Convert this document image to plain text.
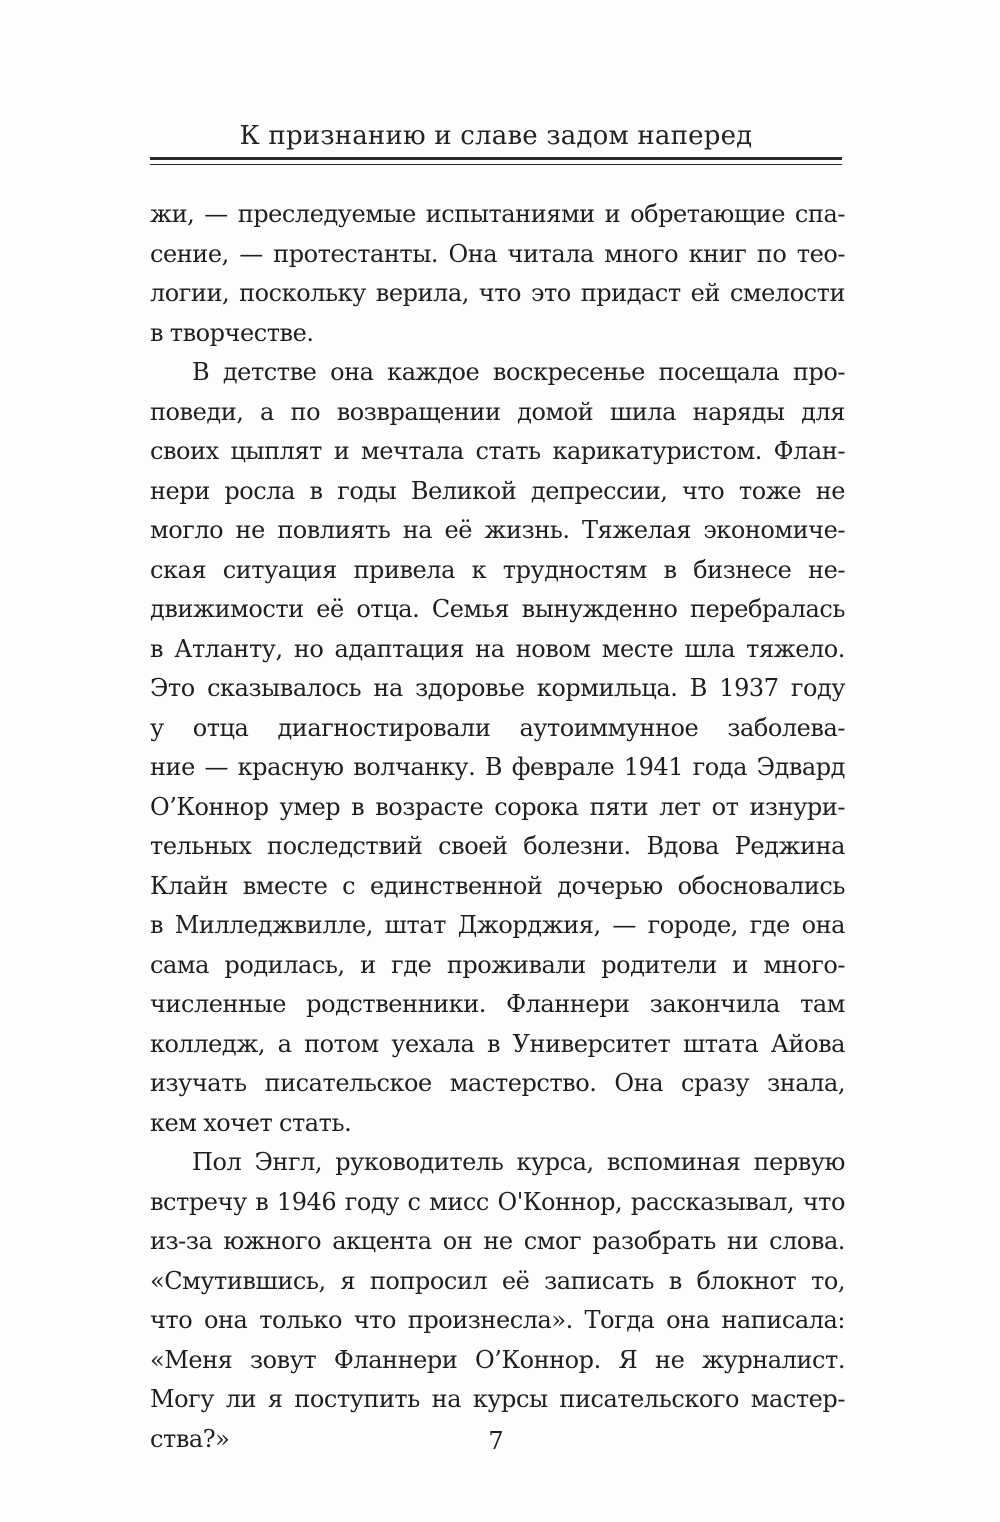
К признанию и славе задом наперед
жи, — преследуемые испытаниями и обретающие спа-
сение, — протестанты. Она читала много книг по тео-
логии, поскольку верила, что это придаст ей смелости
в творчестве.
В детстве она каждое воскресенье посещала про-
поведи, а по возвращении домой шила наряды для
своих цыплят и мечтала стать карикатуристом. Флан-
нери росла в годы Великой депрессии, что тоже не
могло не повлиять на её жизнь. Тяжелая экономиче-
ская ситуация привела к трудностям в бизнесе не-
движимости её отца. Семья вынужденно перебралась
в Атланту, но адаптация на новом месте шла тяжело.
Это сказывалось на здоровье кормильца. В 1937 году
у отца диагностировали аутоиммунное заболева-
ние — красную волчанку. В феврале 1941 года Эдвард
О’Коннор умер в возрасте сорока пяти лет от изнури-
тельных последствий своей болезни. Вдова Реджина
Клайн вместе с единственной дочерью обосновались
в Милледжвилле, штат Джорджия, — городе, где она
сама родилась, и где проживали родители и много-
численные родственники. Фланнери закончила там
колледж, а потом уехала в Университет штата Айова
изучать писательское мастерство. Она сразу знала,
кем хочет стать.
Пол Энгл, руководитель курса, вспоминая первую
встречу в 1946 году с мисс О'Коннор, рассказывал, что
из-за южного акцента он не смог разобрать ни слова.
«Смутившись, я попросил её записать в блокнот то,
что она только что произнесла». Тогда она написала:
«Меня зовут Фланнери О’Коннор. Я не журналист.
Могу ли я поступить на курсы писательского мастер-
ства?»	7
